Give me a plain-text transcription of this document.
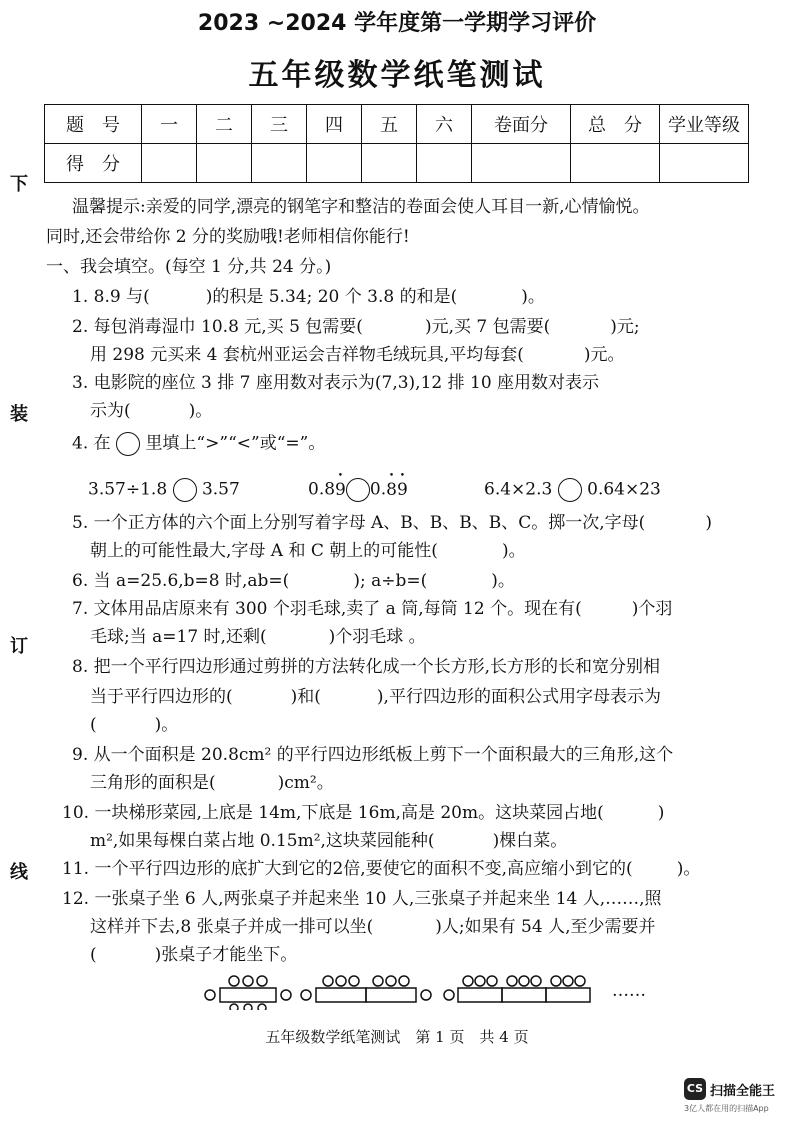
2023 ~2024 学年度第一学期学习评价
五年级数学纸笔测试
题　号	一	二	三	四	五	六	卷面分	总　分	学业等级
得　分									
下
装
订
线
温馨提示:亲爱的同学,漂亮的钢笔字和整洁的卷面会使人耳目一新,心情愉悦。
同时,还会带给你 2 分的奖励哦!老师相信你能行!
一、我会填空。(每空 1 分,共 24 分。)
1. 8.9 与(	)的积是 5.34; 20 个 3.8 的和是(	)。
2. 每包消毒湿巾 10.8 元,买 5 包需要(	)元,买 7 包需要(	)元;
用 298 元买来 4 套杭州亚运会吉祥物毛绒玩具,平均每套(	)元。
3. 电影院的座位 3 排 7 座用数对表示为(7,3),12 排 10 座用数对表示
示为(	)。
4. 在 里填上“>”“<”或“=”。
3.57÷1.8 3.57	0.8• 9 0.• 8• 9	6.4×2.3 0.64×23
5. 一个正方体的六个面上分别写着字母 A、B、B、B、B、C。掷一次,字母(	)
朝上的可能性最大,字母 A 和 C 朝上的可能性(	)。
6. 当 a=25.6,b=8 时,ab=(	); a÷b=(	)。
7. 文体用品店原来有 300 个羽毛球,卖了 a 筒,每筒 12 个。现在有(	)个羽
毛球;当 a=17 时,还剩(	)个羽毛球 。
8. 把一个平行四边形通过剪拼的方法转化成一个长方形,长方形的长和宽分别相
当于平行四边形的(	)和(	),平行四边形的面积公式用字母表示为
(	)。
9. 从一个面积是 20.8cm² 的平行四边形纸板上剪下一个面积最大的三角形,这个
三角形的面积是(	)cm²。
10. 一块梯形菜园,上底是 14m,下底是 16m,高是 20m。这块菜园占地(	)
m²,如果每棵白菜占地 0.15m²,这块菜园能种(	)棵白菜。
11. 一个平行四边形的底扩大到它的2倍,要使它的面积不变,高应缩小到它的(	)。
12. 一张桌子坐 6 人,两张桌子并起来坐 10 人,三张桌子并起来坐 14 人,……,照
这样并下去,8 张桌子并成一排可以坐(	)人;如果有 54 人,至少需要并
(	)张桌子才能坐下。
……
五年级数学纸笔测试　第 1 页　共 4 页
CS 扫描全能王
3亿人都在用的扫描App
